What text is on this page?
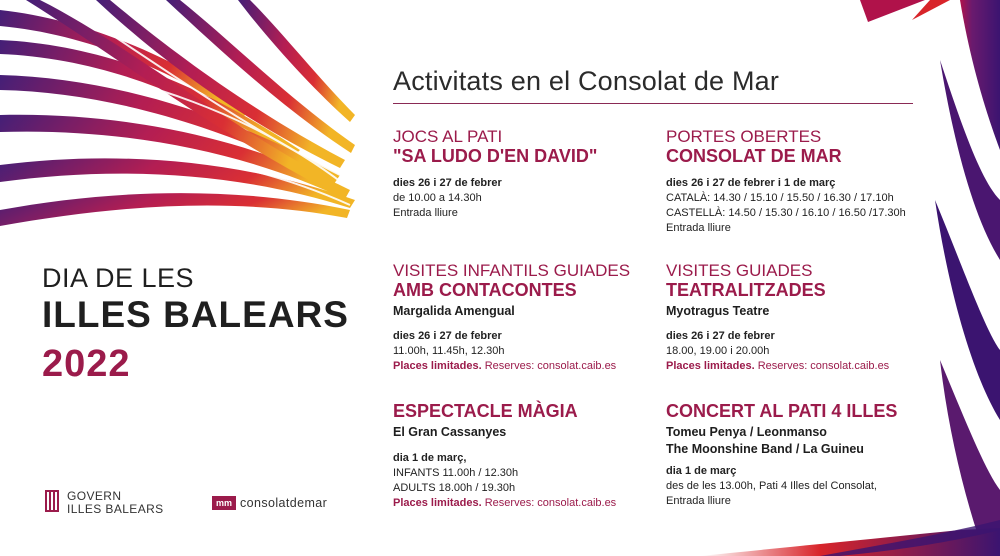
Activitats en el Consolat de Mar
DIA DE LES
ILLES BALEARS
2022
JOCS AL PATI
"SA LUDO D'EN DAVID"
dies 26 i 27 de febrer
de 10.00 a 14.30h
Entrada lliure
PORTES OBERTES
CONSOLAT DE MAR
dies 26 i 27 de febrer i 1 de març
CATALÀ: 14.30 / 15.10 / 15.50 / 16.30 / 17.10h
CASTELLÀ: 14.50 / 15.30 / 16.10 / 16.50 /17.30h
Entrada lliure
VISITES INFANTILS GUIADES
AMB CONTACONTES
Margalida Amengual
dies 26 i 27 de febrer
11.00h, 11.45h, 12.30h
Places limitades. Reserves: consolat.caib.es
VISITES GUIADES
TEATRALITZADES
Myotragus Teatre
dies 26 i 27 de febrer
18.00, 19.00 i 20.00h
Places limitades. Reserves: consolat.caib.es
ESPECTACLE MÀGIA
El Gran Cassanyes
dia 1 de març,
INFANTS 11.00h / 12.30h
ADULTS 18.00h / 19.30h
Places limitades. Reserves: consolat.caib.es
CONCERT AL PATI 4 ILLES
Tomeu Penya / Leonmanso
The Moonshine Band / La Guineu
dia 1 de març
des de les 13.00h, Pati 4 Illes del Consolat,
Entrada lliure
GOVERN
ILLES BALEARS	mm consolatdemar
